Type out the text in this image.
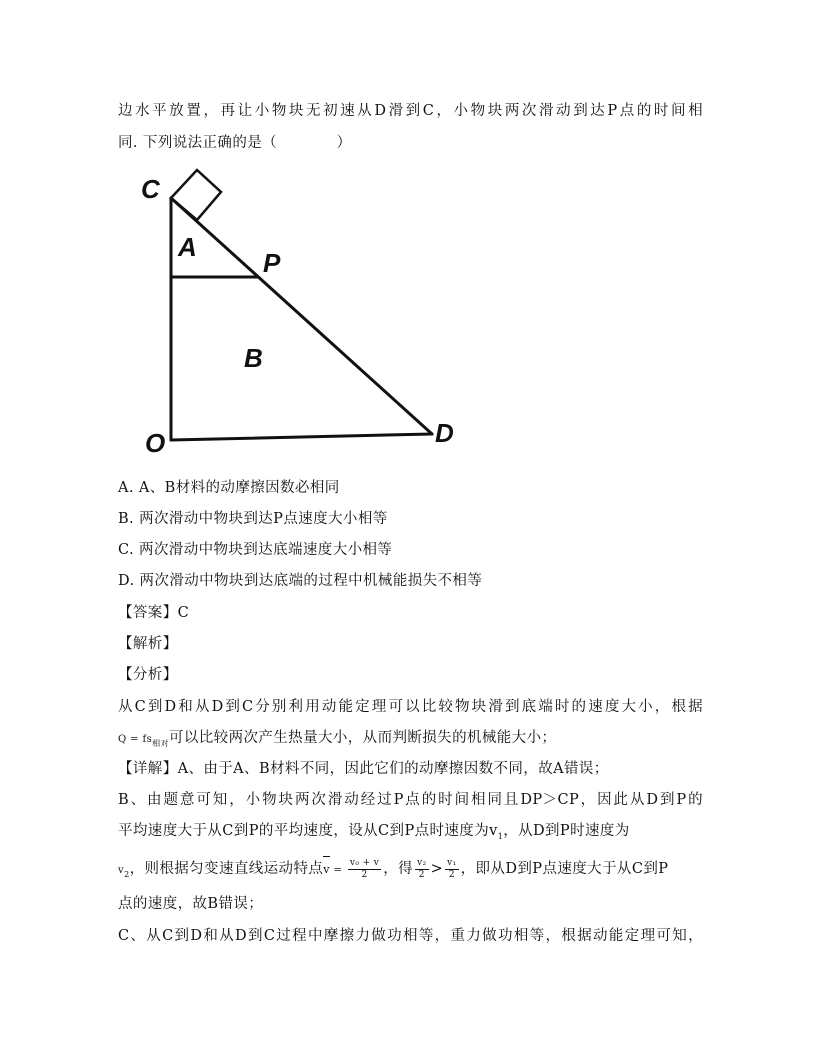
边水平放置，再让小物块无初速从D滑到C，小物块两次滑动到达P点的时间相
同. 下列说法正确的是（　　　　）
C
A
P
B
O	D
A. A、B材料的动摩擦因数必相同
B. 两次滑动中物块到达P点速度大小相等
C. 两次滑动中物块到达底端速度大小相等
D. 两次滑动中物块到达底端的过程中机械能损失不相等
【答案】C
【解析】
【分析】
从C到D和从D到C分别利用动能定理可以比较物块滑到底端时的速度大小，根据
$Q = fs_{相对}$可以比较两次产生热量大小，从而判断损失的机械能大小；
【详解】A、由于A、B材料不同，因此它们的动摩擦因数不同，故A错误；
B、由题意可知，小物块两次滑动经过P点的时间相同且DP＞CP，因此从D到P的
平均速度大于从C到P的平均速度，设从C到P点时速度为$v_1$，从D到P时速度为
$v_2$，则根据匀变速直线运动特点$v = \frac{\text{v₀ + v}}{2}$ ，得 $\frac{\text{v₂}}{2} > \frac{\text{v₁}}{2}$ ，即从D到P点速度大于从C到P
点的速度，故B错误；
C、从C到D和从D到C过程中摩擦力做功相等，重力做功相等，根据动能定理可知，
